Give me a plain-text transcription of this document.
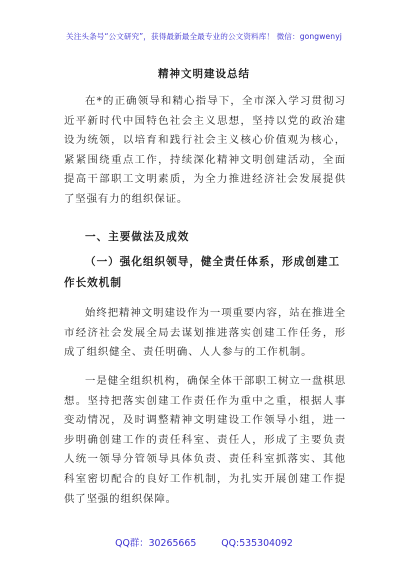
关注头条号“公文研究”，获得最新最全最专业的公文资料库！ 微信：gongwenyj
精神文明建设总结

在*的正确领导和精心指导下，全市深入学习贯彻习近平新时代中国特色社会主义思想，坚持以党的政治建设为统领，以培育和践行社会主义核心价值观为核心，紧紧围绕重点工作，持续深化精神文明创建活动，全面提高干部职工文明素质，为全力推进经济社会发展提供了坚强有力的组织保证。

一、主要做法及成效

（一）强化组织领导，健全责任体系，形成创建工作长效机制

始终把精神文明建设作为一项重要内容，站在推进全市经济社会发展全局去谋划推进落实创建工作任务，形成了组织健全、责任明确、人人参与的工作机制。

一是健全组织机构，确保全体干部职工树立一盘棋思想。坚持把落实创建工作责任作为重中之重，根据人事变动情况，及时调整精神文明建设工作领导小组，进一步明确创建工作的责任科室、责任人，形成了主要负责人统一领导分管领导具体负责、责任科室抓落实、其他科室密切配合的良好工作机制，为扎实开展创建工作提供了坚强的组织保障。

QQ群：30265665	QQ:535304092
